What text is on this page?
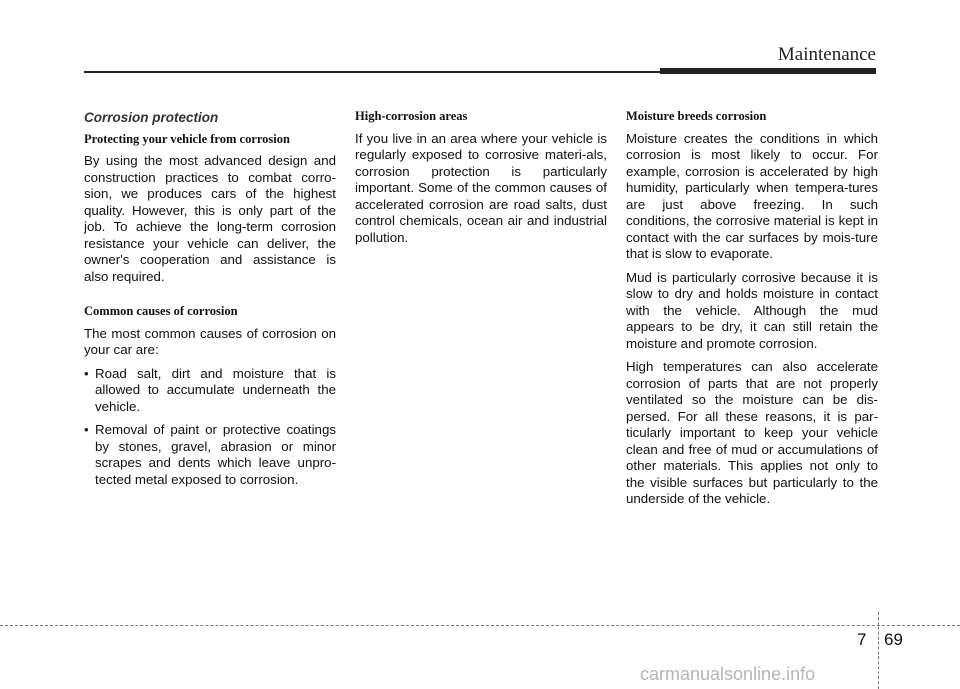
Maintenance
Corrosion protection
Protecting your vehicle from corrosion

By using the most advanced design and construction practices to combat corro-sion, we produces cars of the highest quality. However, this is only part of the job. To achieve the long-term corrosion resistance your vehicle can deliver, the owner's cooperation and assistance is also required.

Common causes of corrosion

The most common causes of corrosion on your car are:

• Road salt, dirt and moisture that is allowed to accumulate underneath the vehicle.
• Removal of paint or protective coatings by stones, gravel, abrasion or minor scrapes and dents which leave unpro-tected metal exposed to corrosion.
High-corrosion areas

If you live in an area where your vehicle is regularly exposed to corrosive materi-als, corrosion protection is particularly important. Some of the common causes of accelerated corrosion are road salts, dust control chemicals, ocean air and industrial pollution.

Moisture breeds corrosion

Moisture creates the conditions in which corrosion is most likely to occur. For example, corrosion is accelerated by high humidity, particularly when tempera-tures are just above freezing. In such conditions, the corrosive material is kept in contact with the car surfaces by mois-ture that is slow to evaporate.

Mud is particularly corrosive because it is slow to dry and holds moisture in contact with the vehicle. Although the mud appears to be dry, it can still retain the moisture and promote corrosion.

High temperatures can also accelerate corrosion of parts that are not properly ventilated so the moisture can be dis-persed. For all these reasons, it is par-ticularly important to keep your vehicle clean and free of mud or accumulations of other materials. This applies not only to the visible surfaces but particularly to the underside of the vehicle.

7 69
carmanualsonline.info
